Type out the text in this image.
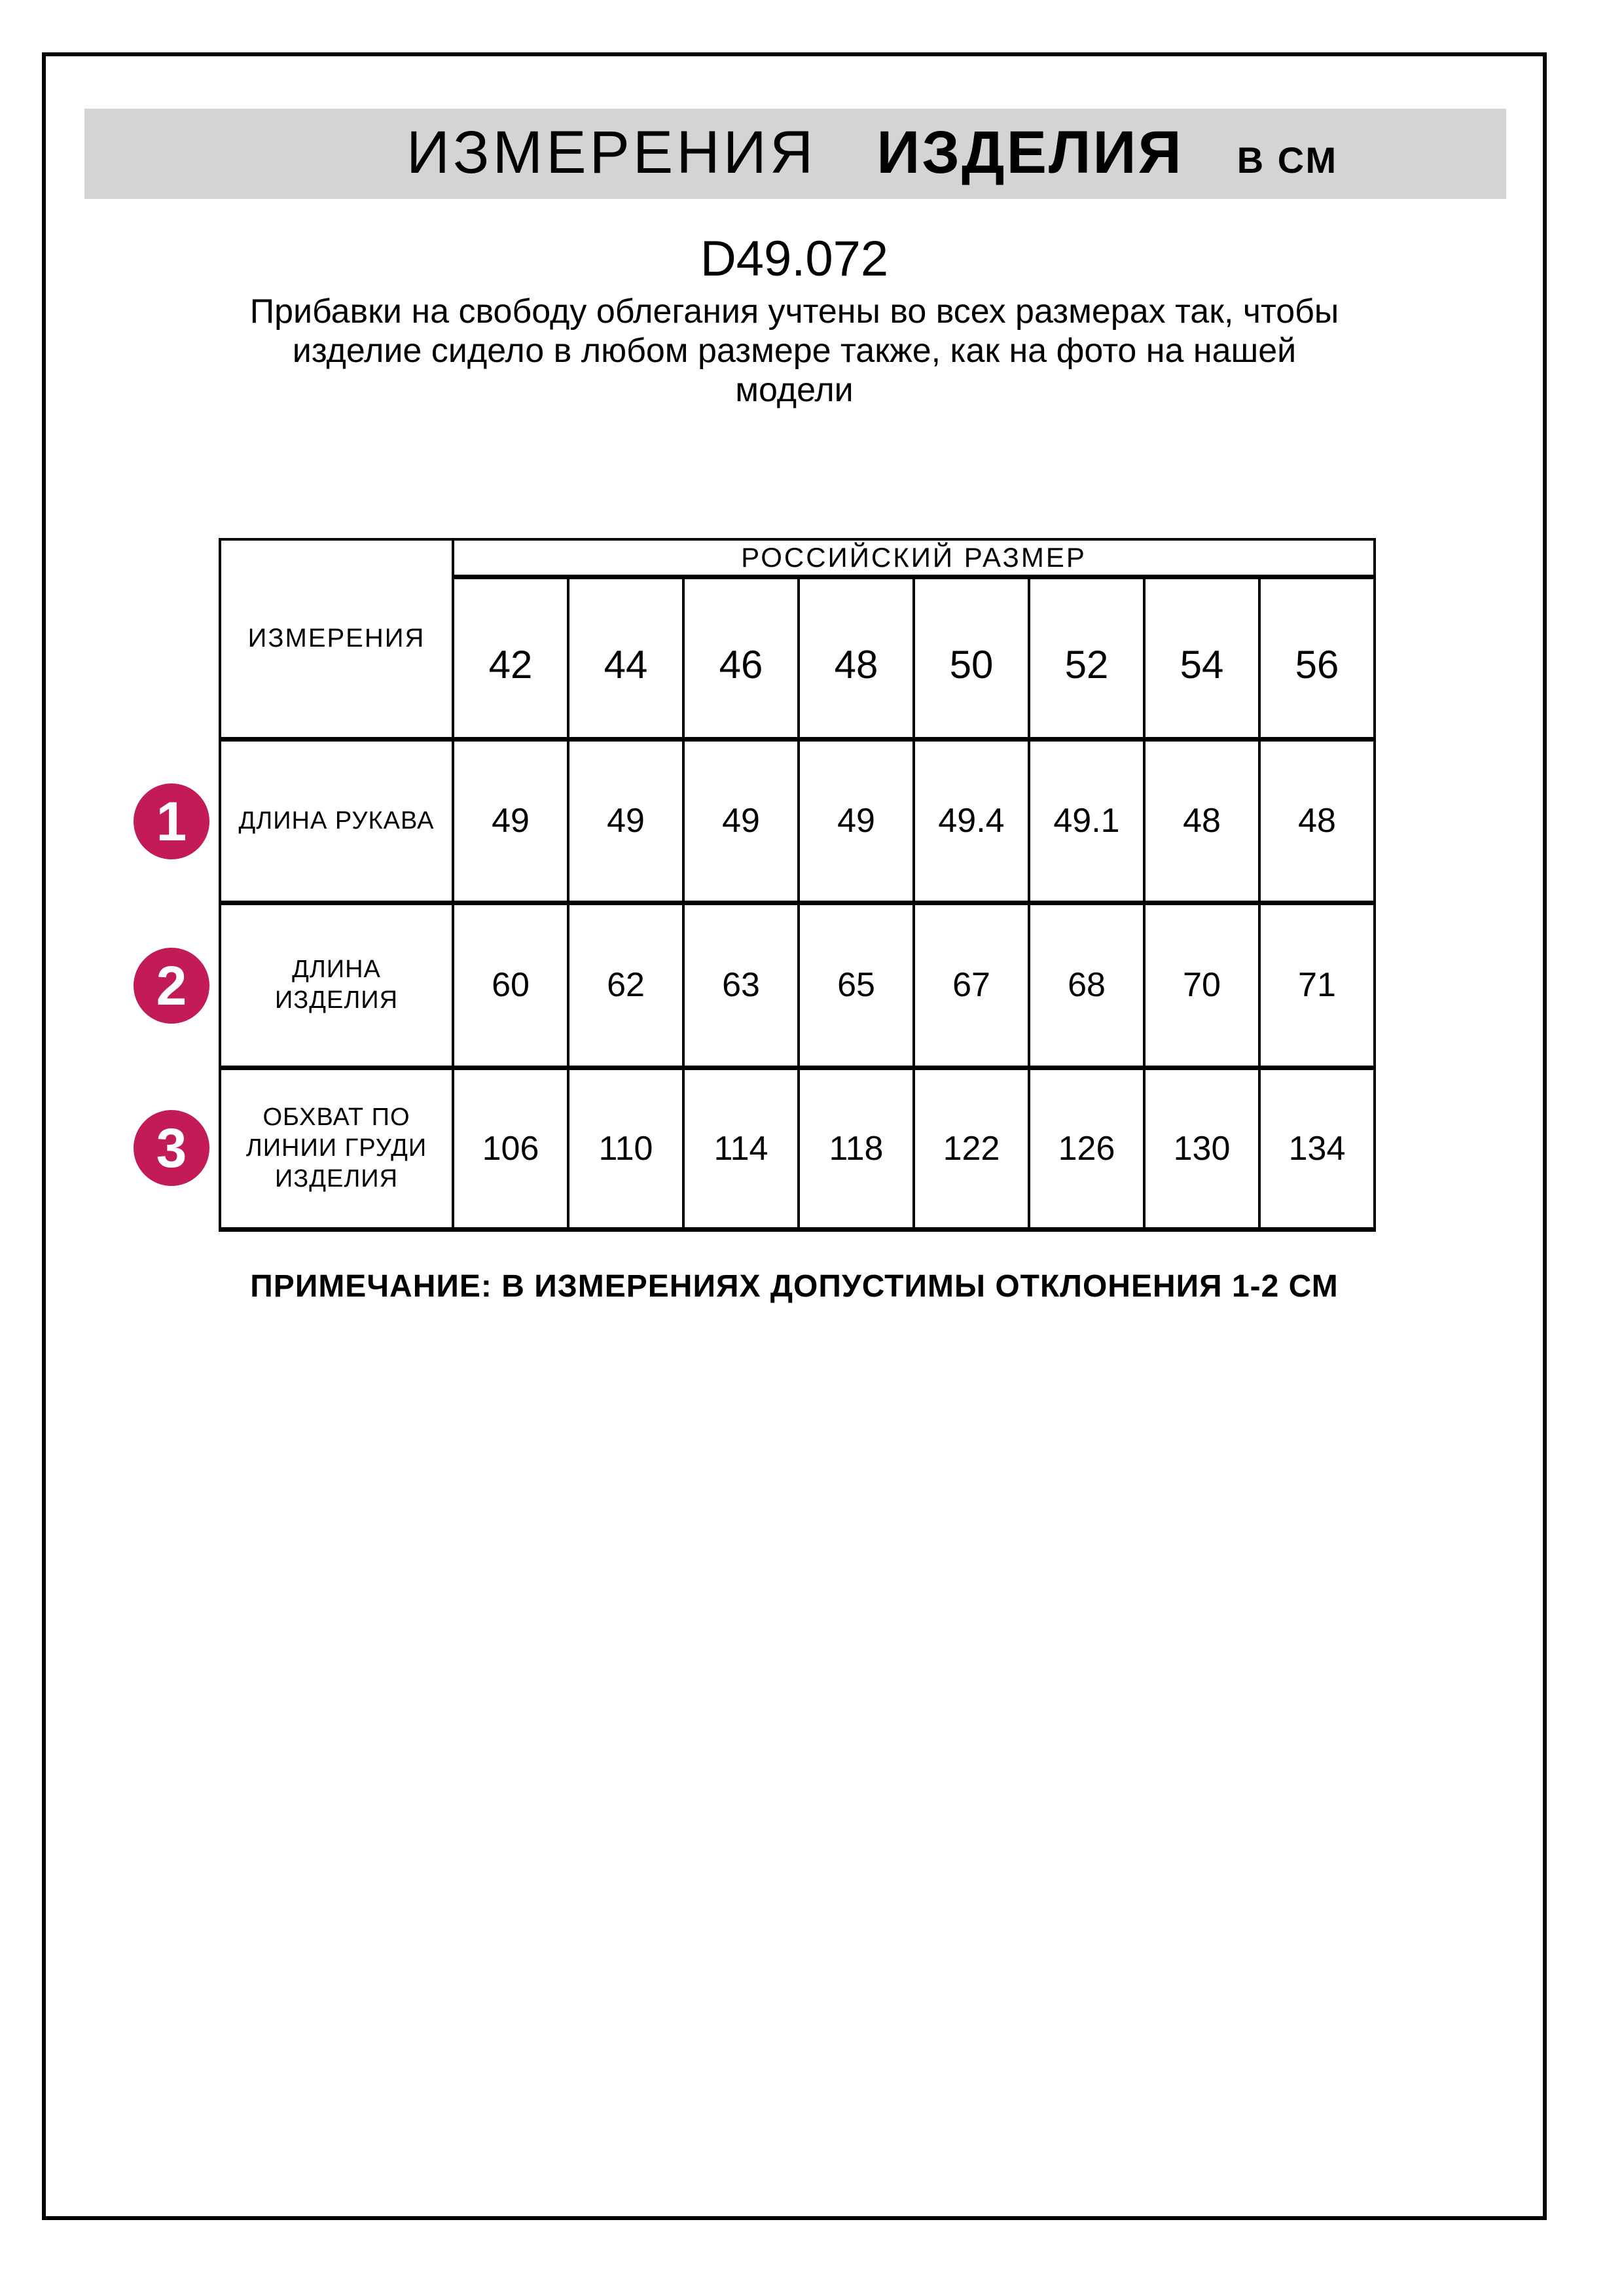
ИЗМЕРЕНИЯ ИЗДЕЛИЯ В СМ
D49.072
Прибавки на свободу облегания учтены во всех размерах так, чтобы
изделие сидело в любом размере также, как на фото на нашей
модели
ИЗМЕРЕНИЯ	РОССИЙСКИЙ РАЗМЕР							
	42	44	46	48	50	52	54	56

ДЛИНА РУКАВА	49	49	49	49	49.4	49.1	48	48

ДЛИНА
ИЗДЕЛИЯ	60	62	63	65	67	68	70	71

ОБХВАТ ПО
ЛИНИИ ГРУДИ
ИЗДЕЛИЯ	106	110	114	118	122	126	130	134
1
2
3
ПРИМЕЧАНИЕ: В ИЗМЕРЕНИЯХ ДОПУСТИМЫ ОТКЛОНЕНИЯ 1-2 СМ
